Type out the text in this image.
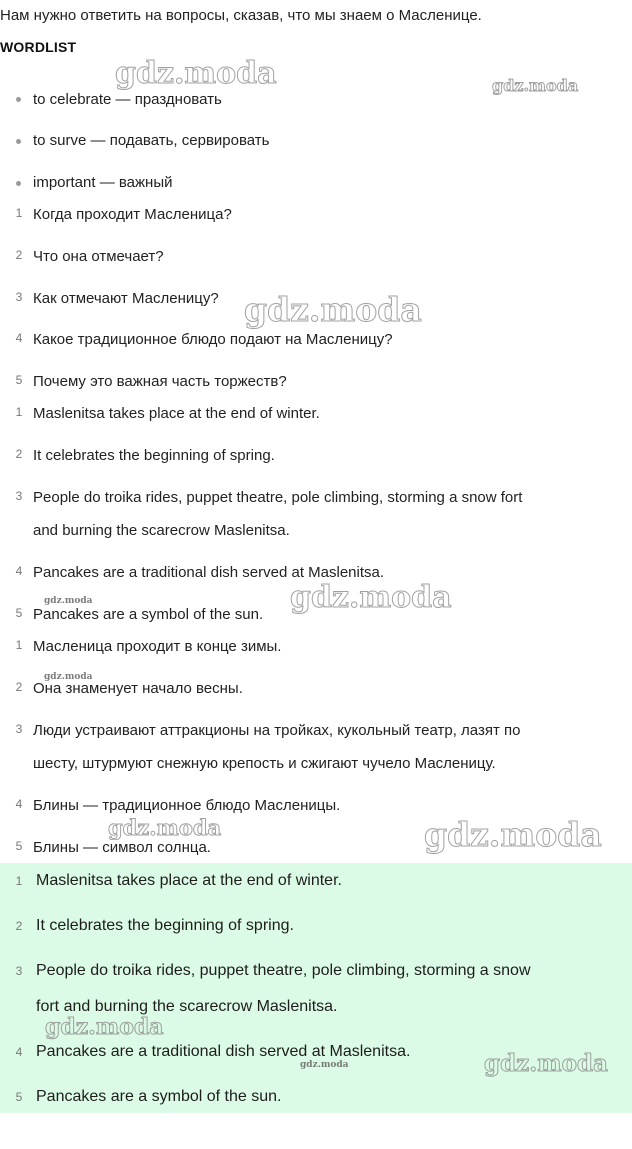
Нам нужно ответить на вопросы, сказав, что мы знаем о Масленице.
WORDLIST
to celebrate — праздновать
to surve — подавать, сервировать
important — важный
1 Когда проходит Масленица?
2 Что она отмечает?
3 Как отмечают Масленицу?
4 Какое традиционное блюдо подают на Масленицу?
5 Почему это важная часть торжеств?
1 Maslenitsa takes place at the end of winter.
2 It celebrates the beginning of spring.
3 People do troika rides, puppet theatre, pole climbing, storming a snow fort
and burning the scarecrow Maslenitsa.
4 Pancakes are a traditional dish served at Maslenitsa.
5 Pancakes are a symbol of the sun.
1 Масленица проходит в конце зимы.
2 Она знаменует начало весны.
3 Люди устраивают аттракционы на тройках, кукольный театр, лазят по
шесту, штурмуют снежную крепость и сжигают чучело Масленицу.
4 Блины — традиционное блюдо Масленицы.
5 Блины — символ солнца.
1 Maslenitsa takes place at the end of winter.
2 It celebrates the beginning of spring.
3 People do troika rides, puppet theatre, pole climbing, storming a snow
fort and burning the scarecrow Maslenitsa.
4 Pancakes are a traditional dish served at Maslenitsa.
5 Pancakes are a symbol of the sun.
gdz.moda	gdz.moda
gdz.moda
gdz.moda
gdz.moda
gdz.moda
gdz.moda	gdz.moda
gdz.moda
